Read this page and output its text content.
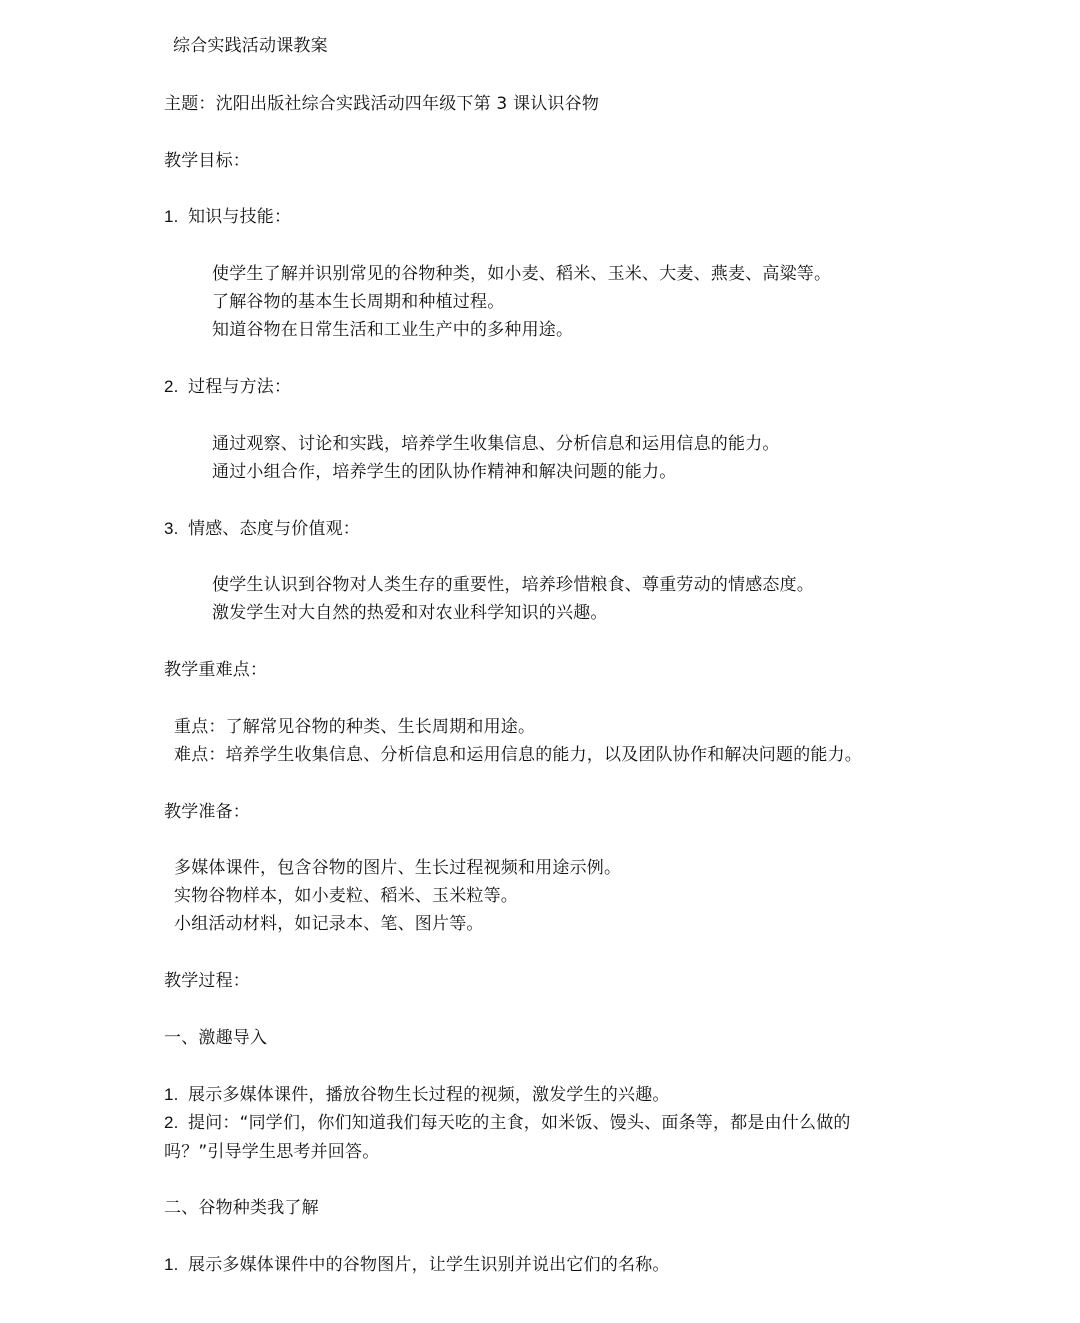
综合实践活动课教案
主题：沈阳出版社综合实践活动四年级下第 3 课认识谷物
教学目标：
1. 知识与技能：
使学生了解并识别常见的谷物种类，如小麦、稻米、玉米、大麦、燕麦、高粱等。
了解谷物的基本生长周期和种植过程。
知道谷物在日常生活和工业生产中的多种用途。
2. 过程与方法：
通过观察、讨论和实践，培养学生收集信息、分析信息和运用信息的能力。
通过小组合作，培养学生的团队协作精神和解决问题的能力。
3. 情感、态度与价值观：
使学生认识到谷物对人类生存的重要性，培养珍惜粮食、尊重劳动的情感态度。
激发学生对大自然的热爱和对农业科学知识的兴趣。
教学重难点：
重点：了解常见谷物的种类、生长周期和用途。
难点：培养学生收集信息、分析信息和运用信息的能力，以及团队协作和解决问题的能力。
教学准备：
多媒体课件，包含谷物的图片、生长过程视频和用途示例。
实物谷物样本，如小麦粒、稻米、玉米粒等。
小组活动材料，如记录本、笔、图片等。
教学过程：
一、激趣导入
1. 展示多媒体课件，播放谷物生长过程的视频，激发学生的兴趣。
2. 提问：“同学们，你们知道我们每天吃的主食，如米饭、馒头、面条等，都是由什么做的
吗？”引导学生思考并回答。
二、谷物种类我了解
1. 展示多媒体课件中的谷物图片，让学生识别并说出它们的名称。
